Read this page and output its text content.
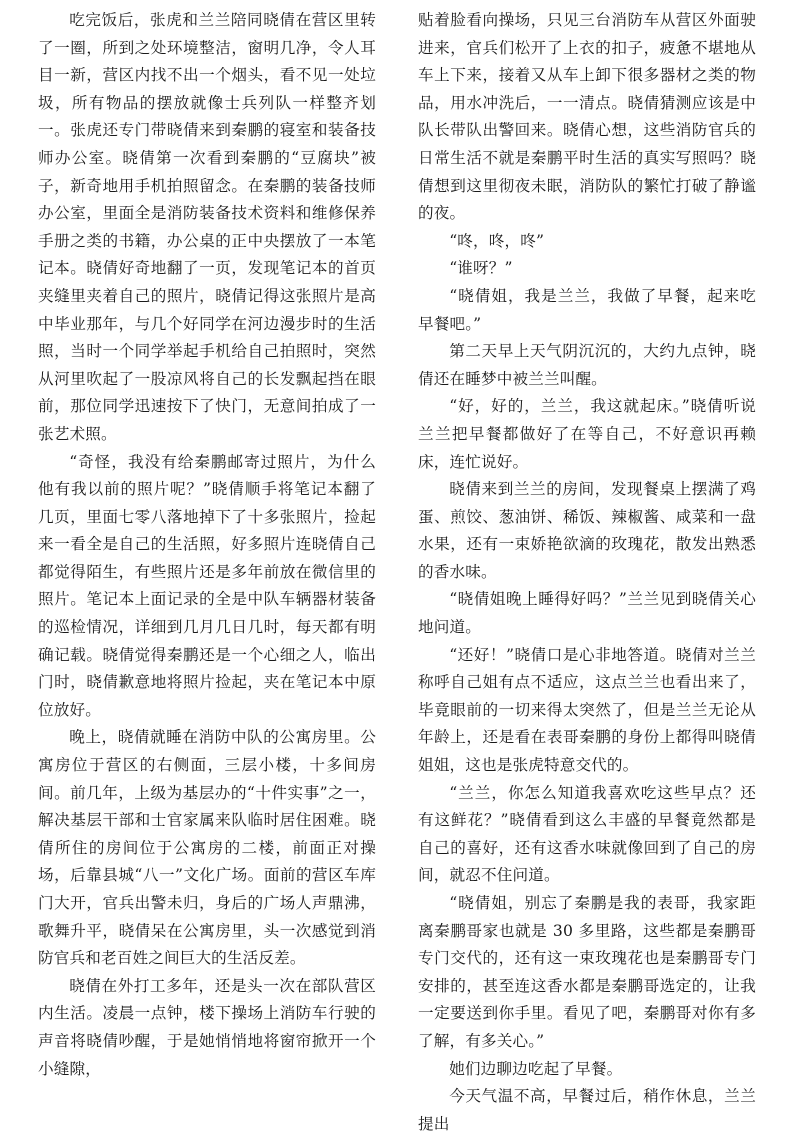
吃完饭后，张虎和兰兰陪同晓倩在营区里转了一圈，所到之处环境整洁，窗明几净，令人耳目一新，营区内找不出一个烟头，看不见一处垃圾，所有物品的摆放就像士兵列队一样整齐划一。张虎还专门带晓倩来到秦鹏的寝室和装备技师办公室。晓倩第一次看到秦鹏的“豆腐块”被子，新奇地用手机拍照留念。在秦鹏的装备技师办公室，里面全是消防装备技术资料和维修保养手册之类的书籍，办公桌的正中央摆放了一本笔记本。晓倩好奇地翻了一页，发现笔记本的首页夹缝里夹着自己的照片，晓倩记得这张照片是高中毕业那年，与几个好同学在河边漫步时的生活照，当时一个同学举起手机给自己拍照时，突然从河里吹起了一股凉风将自己的长发飘起挡在眼前，那位同学迅速按下了快门，无意间拍成了一张艺术照。

“奇怪，我没有给秦鹏邮寄过照片，为什么他有我以前的照片呢？”晓倩顺手将笔记本翻了几页，里面七零八落地掉下了十多张照片，捡起来一看全是自己的生活照，好多照片连晓倩自己都觉得陌生，有些照片还是多年前放在微信里的照片。笔记本上面记录的全是中队车辆器材装备的巡检情况，详细到几月几日几时，每天都有明确记载。晓倩觉得秦鹏还是一个心细之人，临出门时，晓倩歉意地将照片捡起，夹在笔记本中原位放好。

晚上，晓倩就睡在消防中队的公寓房里。公寓房位于营区的右侧面，三层小楼，十多间房间。前几年，上级为基层办的“十件实事”之一，解决基层干部和士官家属来队临时居住困难。晓倩所住的房间位于公寓房的二楼，前面正对操场，后靠县城“八一”文化广场。面前的营区车库门大开，官兵出警未归，身后的广场人声鼎沸，歌舞升平，晓倩呆在公寓房里，头一次感觉到消防官兵和老百姓之间巨大的生活反差。

晓倩在外打工多年，还是头一次在部队营区内生活。凌晨一点钟，楼下操场上消防车行驶的声音将晓倩吵醒，于是她悄悄地将窗帘掀开一个小缝隙，

贴着脸看向操场，只见三台消防车从营区外面驶进来，官兵们松开了上衣的扣子，疲惫不堪地从车上下来，接着又从车上卸下很多器材之类的物品，用水冲洗后，一一清点。晓倩猜测应该是中队长带队出警回来。晓倩心想，这些消防官兵的日常生活不就是秦鹏平时生活的真实写照吗？晓倩想到这里彻夜未眠，消防队的繁忙打破了静谧的夜。

“咚，咚，咚”

“谁呀？”

“晓倩姐，我是兰兰，我做了早餐，起来吃早餐吧。”

第二天早上天气阴沉沉的，大约九点钟，晓倩还在睡梦中被兰兰叫醒。

“好，好的，兰兰，我这就起床。”晓倩听说兰兰把早餐都做好了在等自己，不好意识再赖床，连忙说好。

晓倩来到兰兰的房间，发现餐桌上摆满了鸡蛋、煎饺、葱油饼、稀饭、辣椒酱、咸菜和一盘水果，还有一束娇艳欲滴的玫瑰花，散发出熟悉的香水味。

“晓倩姐晚上睡得好吗？”兰兰见到晓倩关心地问道。

“还好！”晓倩口是心非地答道。晓倩对兰兰称呼自己姐有点不适应，这点兰兰也看出来了，毕竟眼前的一切来得太突然了，但是兰兰无论从年龄上，还是看在表哥秦鹏的身份上都得叫晓倩姐姐，这也是张虎特意交代的。

“兰兰，你怎么知道我喜欢吃这些早点？还有这鲜花？”晓倩看到这么丰盛的早餐竟然都是自己的喜好，还有这香水味就像回到了自己的房间，就忍不住问道。

“晓倩姐，别忘了秦鹏是我的表哥，我家距离秦鹏哥家也就是 30 多里路，这些都是秦鹏哥专门交代的，还有这一束玫瑰花也是秦鹏哥专门安排的，甚至连这香水都是秦鹏哥选定的，让我一定要送到你手里。看见了吧，秦鹏哥对你有多了解，有多关心。”

她们边聊边吃起了早餐。

今天气温不高，早餐过后，稍作休息，兰兰提出
